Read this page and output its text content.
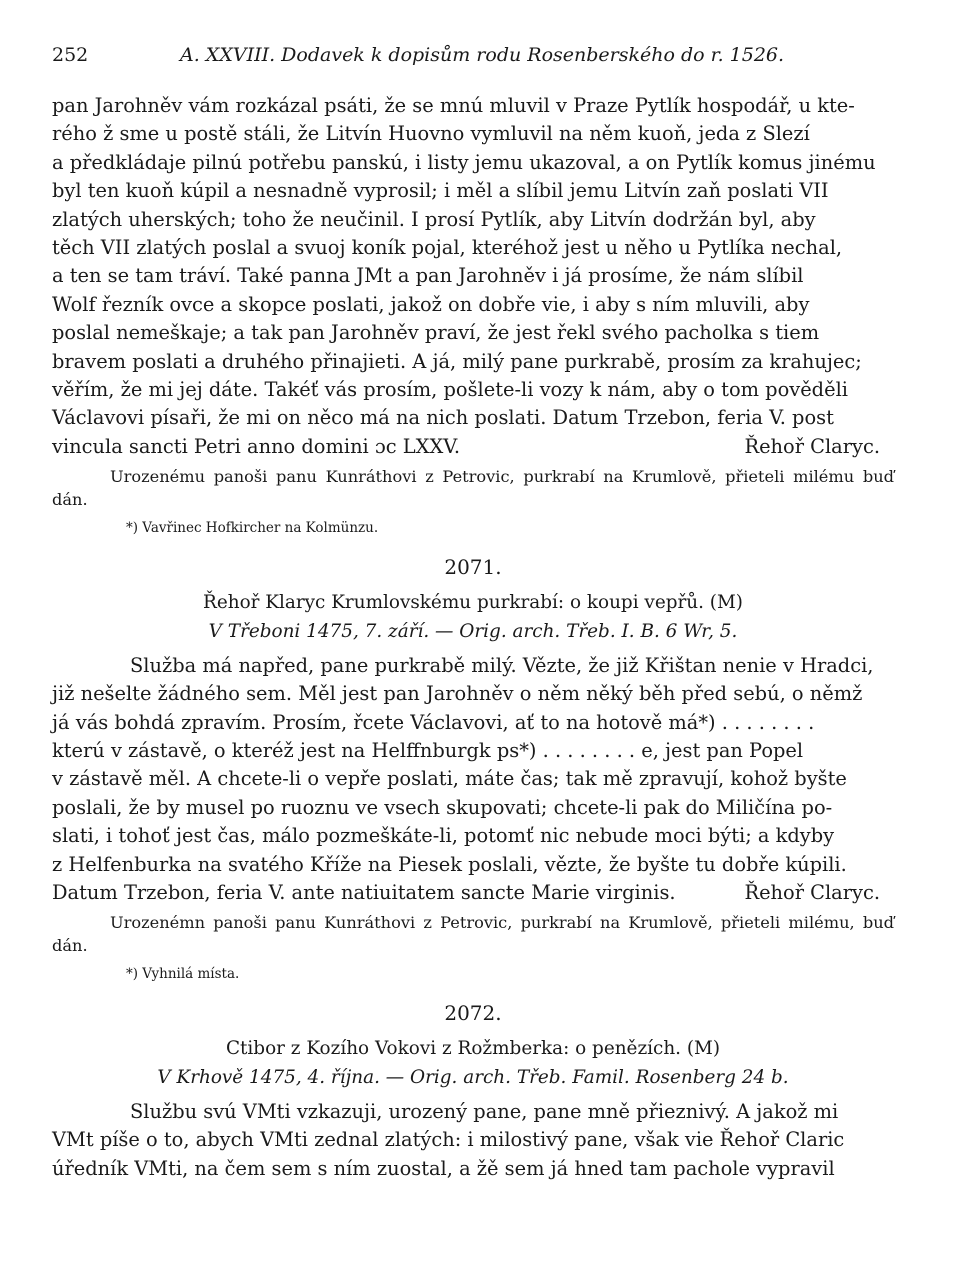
252	A. XXVIII. Dodavek k dopisům rodu Rosenberského do r. 1526.

pan Jarohněv vám rozkázal psáti, že se mnú mluvil v Praze Pytlík hospodář, u kte-

rého ž sme u postě stáli, že Litvín Huovno vymluvil na něm kuoň, jeda z Slezí

a předkládaje pilnú potřebu panskú, i listy jemu ukazoval, a on Pytlík komus jinému

byl ten kuoň kúpil a nesnadně vyprosil; i měl a slíbil jemu Litvín zaň poslati VII

zlatých uherských; toho že neučinil. I prosí Pytlík, aby Litvín dodržán byl, aby

těch VII zlatých poslal a svuoj koník pojal, kteréhož jest u něho u Pytlíka nechal,

a ten se tam tráví. Také panna JMt a pan Jarohněv i já prosíme, že nám slíbil

Wolf řezník ovce a skopce poslati, jakož on dobře vie, i aby s ním mluvili, aby

poslal nemeškaje; a tak pan Jarohněv praví, že jest řekl svého pacholka s tiem

bravem poslati a druhého přinajieti. A já, milý pane purkrabě, prosím za krahujec;

věřím, že mi jej dáte. Takéť vás prosím, pošlete-li vozy k nám, aby o tom pověděli

Václavovi písaři, že mi on něco má na nich poslati. Datum Trzebon, feria V. post

vincula sancti Petri anno domini ɔc LXXV.	Řehoř Claryc.

Urozenému panoši panu Kunráthovi z Petrovic, purkrabí na Krumlově, přieteli milému buď dán.

*) Vavřinec Hofkircher na Kolmünzu.

2071.
Řehoř Klaryc Krumlovskému purkrabí: o koupi vepřů. (M)
V Třeboni 1475, 7. září. — Orig. arch. Třeb. I. B. 6 Wr, 5.

Služba má napřed, pane purkrabě milý. Vězte, že již Křištan nenie v Hradci,

již nešelte žádného sem. Měl jest pan Jarohněv o něm něký běh před sebú, o němž

já vás bohdá zpravím. Prosím, řcete Václavovi, ať to na hotově má*) . . . . . . . .

kterú v zástavě, o kteréž jest na Helffnburgk ps*) . . . . . . . . e, jest pan Popel

v zástavě měl. A chcete-li o vepře poslati, máte čas; tak mě zpravují, kohož byšte

poslali, že by musel po ruoznu ve vsech skupovati; chcete-li pak do Miličína po-

slati, i tohoť jest čas, málo pozmeškáte-li, potomť nic nebude moci býti; a kdyby

z Helfenburka na svatého Kříže na Piesek poslali, vězte, že byšte tu dobře kúpili.

Datum Trzebon, feria V. ante natiuitatem sancte Marie virginis.	Řehoř Claryc.

Urozenémn panoši panu Kunráthovi z Petrovic, purkrabí na Krumlově, přieteli milému, buď dán.

*) Vyhnilá místa.

2072.
Ctibor z Kozího Vokovi z Rožmberka: o penězích. (M)
V Krhově 1475, 4. října. — Orig. arch. Třeb. Famil. Rosenberg 24 b.

Službu svú VMti vzkazuji, urozený pane, pane mně přieznivý. A jakož mi

VMt píše o to, abych VMti zednal zlatých: i milostivý pane, však vie Řehoř Claric

úředník VMti, na čem sem s ním zuostal, a žě sem já hned tam pachole vypravil
